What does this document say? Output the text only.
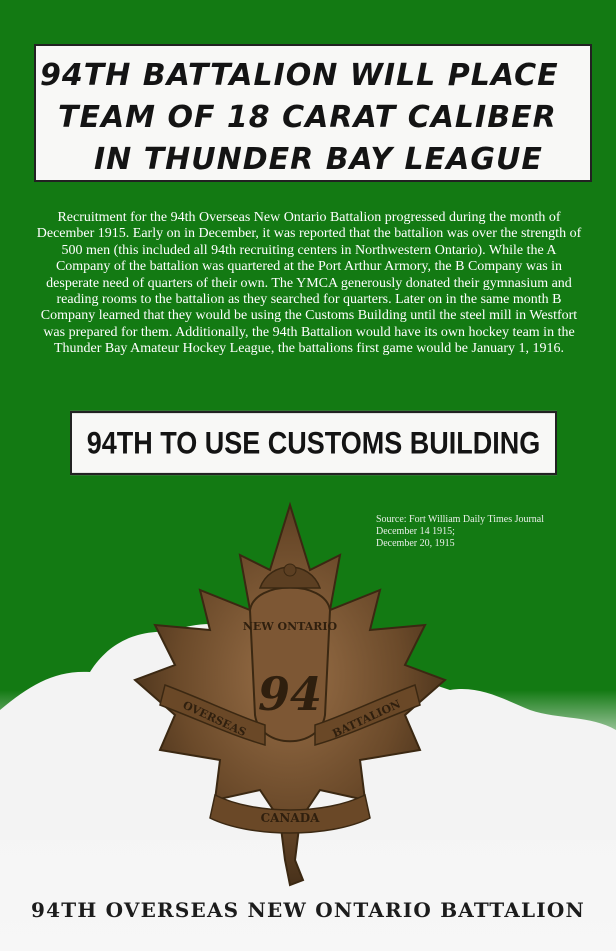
94TH BATTALION WILL PLACE
TEAM OF 18 CARAT CALIBER
IN THUNDER BAY LEAGUE
Recruitment for the 94th Overseas New Ontario Battalion progressed during the month of December 1915. Early on in December, it was reported that the battalion was over the strength of 500 men (this included all 94th recruiting centers in Northwestern Ontario). While the A Company of the battalion was quartered at the Port Arthur Armory, the B Company was in desperate need of quarters of their own. The YMCA generously donated their gymnasium and reading rooms to the battalion as they searched for quarters. Later on in the same month B Company learned that they would be using the Customs Building until the steel mill in Westfort was prepared for them. Additionally, the 94th Battalion would have its own hockey team in the Thunder Bay Amateur Hockey League, the battalions first game would be January 1, 1916.
94TH TO USE CUSTOMS BUILDING
Source: Fort William Daily Times Journal
December 14 1915;
December 20, 1915
NEW ONTARIO
94
OVERSEAS	BATTALION
CANADA
94TH OVERSEAS NEW ONTARIO BATTALION
